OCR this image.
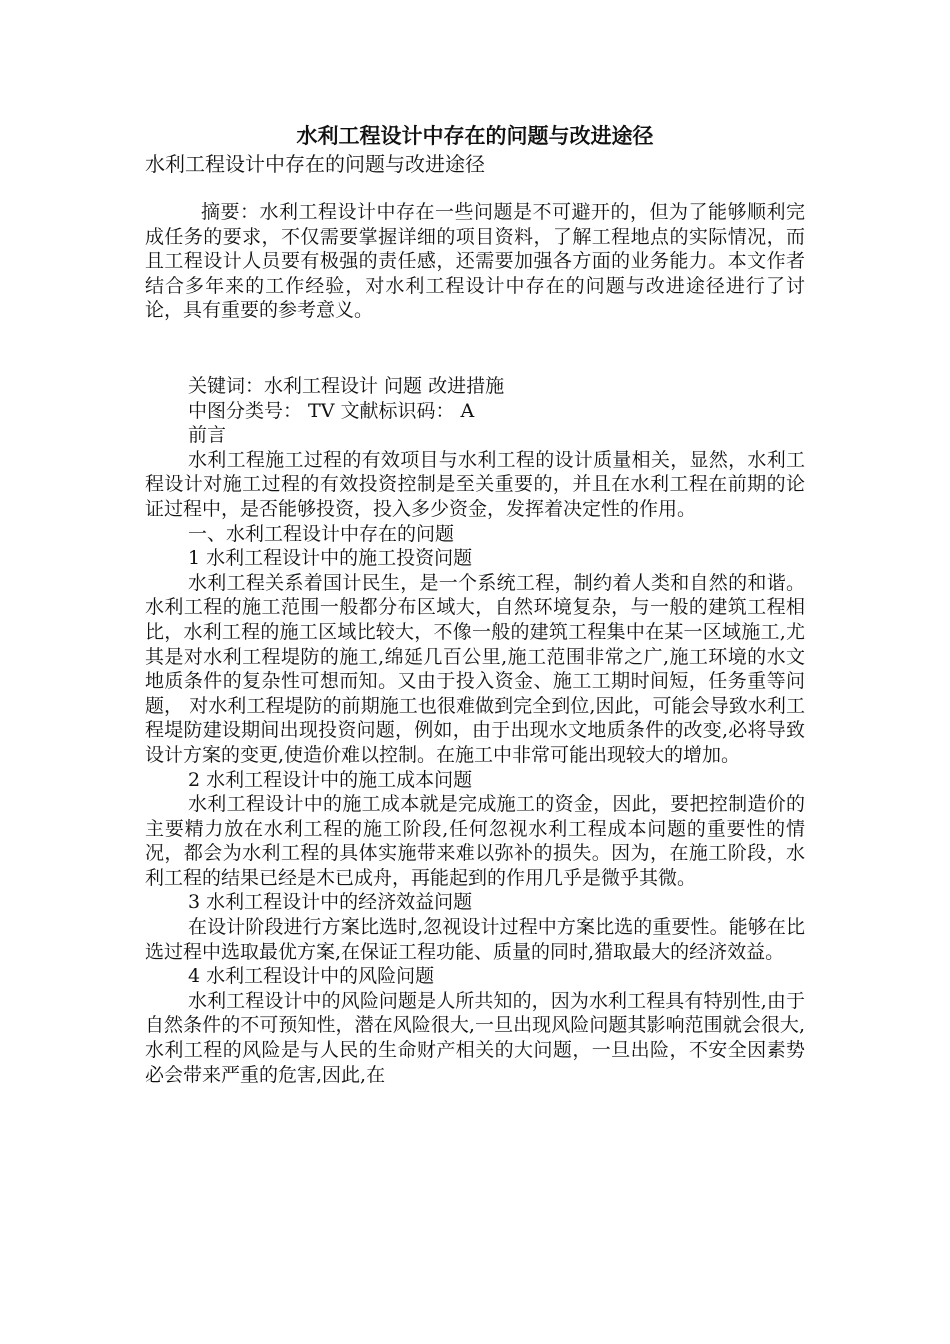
水利工程设计中存在的问题与改进途径

水利工程设计中存在的问题与改进途径

摘要：水利工程设计中存在一些问题是不可避开的，但为了能够顺利完成任务的要求，不仅需要掌握详细的项目资料，了解工程地点的实际情况，而且工程设计人员要有极强的责任感，还需要加强各方面的业务能力。本文作者结合多年来的工作经验，对水利工程设计中存在的问题与改进途径进行了讨论，具有重要的参考意义。

关键词：水利工程设计 问题 改进措施

中图分类号： TV 文献标识码： A

前言

水利工程施工过程的有效项目与水利工程的设计质量相关，显然，水利工程设计对施工过程的有效投资控制是至关重要的，并且在水利工程在前期的论证过程中，是否能够投资，投入多少资金，发挥着决定性的作用。

一、水利工程设计中存在的问题

1 水利工程设计中的施工投资问题

水利工程关系着国计民生，是一个系统工程，制约着人类和自然的和谐。水利工程的施工范围一般都分布区域大，自然环境复杂，与一般的建筑工程相比，水利工程的施工区域比较大，不像一般的建筑工程集中在某一区域施工,尤其是对水利工程堤防的施工,绵延几百公里,施工范围非常之广,施工环境的水文地质条件的复杂性可想而知。又由于投入资金、施工工期时间短，任务重等问题， 对水利工程堤防的前期施工也很难做到完全到位,因此，可能会导致水利工程堤防建设期间出现投资问题，例如，由于出现水文地质条件的改变,必将导致设计方案的变更,使造价难以控制。在施工中非常可能出现较大的增加。

2 水利工程设计中的施工成本问题

水利工程设计中的施工成本就是完成施工的资金，因此，要把控制造价的主要精力放在水利工程的施工阶段,任何忽视水利工程成本问题的重要性的情况，都会为水利工程的具体实施带来难以弥补的损失。因为，在施工阶段，水利工程的结果已经是木已成舟，再能起到的作用几乎是微乎其微。

3 水利工程设计中的经济效益问题

在设计阶段进行方案比选时,忽视设计过程中方案比选的重要性。能够在比选过程中选取最优方案,在保证工程功能、质量的同时,猎取最大的经济效益。

4 水利工程设计中的风险问题

水利工程设计中的风险问题是人所共知的，因为水利工程具有特别性,由于自然条件的不可预知性，潜在风险很大,一旦出现风险问题其影响范围就会很大,水利工程的风险是与人民的生命财产相关的大问题，一旦出险，不安全因素势必会带来严重的危害,因此,在
